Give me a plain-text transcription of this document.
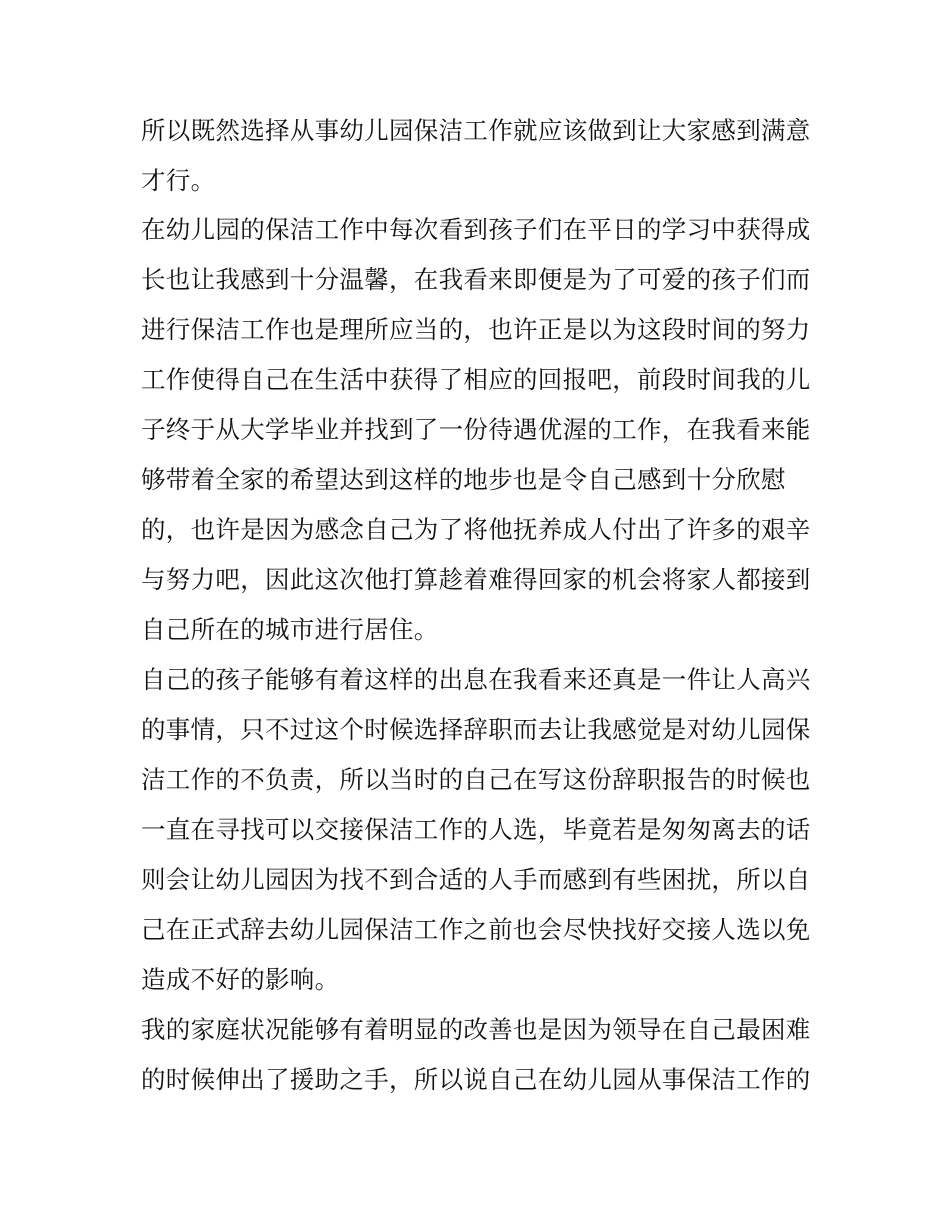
所以既然选择从事幼儿园保洁工作就应该做到让大家感到满意

才行。

在幼儿园的保洁工作中每次看到孩子们在平日的学习中获得成

长也让我感到十分温馨，在我看来即便是为了可爱的孩子们而

进行保洁工作也是理所应当的，也许正是以为这段时间的努力

工作使得自己在生活中获得了相应的回报吧，前段时间我的儿

子终于从大学毕业并找到了一份待遇优渥的工作，在我看来能

够带着全家的希望达到这样的地步也是令自己感到十分欣慰

的，也许是因为感念自己为了将他抚养成人付出了许多的艰辛

与努力吧，因此这次他打算趁着难得回家的机会将家人都接到

自己所在的城市进行居住。

自己的孩子能够有着这样的出息在我看来还真是一件让人高兴

的事情，只不过这个时候选择辞职而去让我感觉是对幼儿园保

洁工作的不负责，所以当时的自己在写这份辞职报告的时候也

一直在寻找可以交接保洁工作的人选，毕竟若是匆匆离去的话

则会让幼儿园因为找不到合适的人手而感到有些困扰，所以自

己在正式辞去幼儿园保洁工作之前也会尽快找好交接人选以免

造成不好的影响。

我的家庭状况能够有着明显的改善也是因为领导在自己最困难

的时候伸出了援助之手，所以说自己在幼儿园从事保洁工作的
